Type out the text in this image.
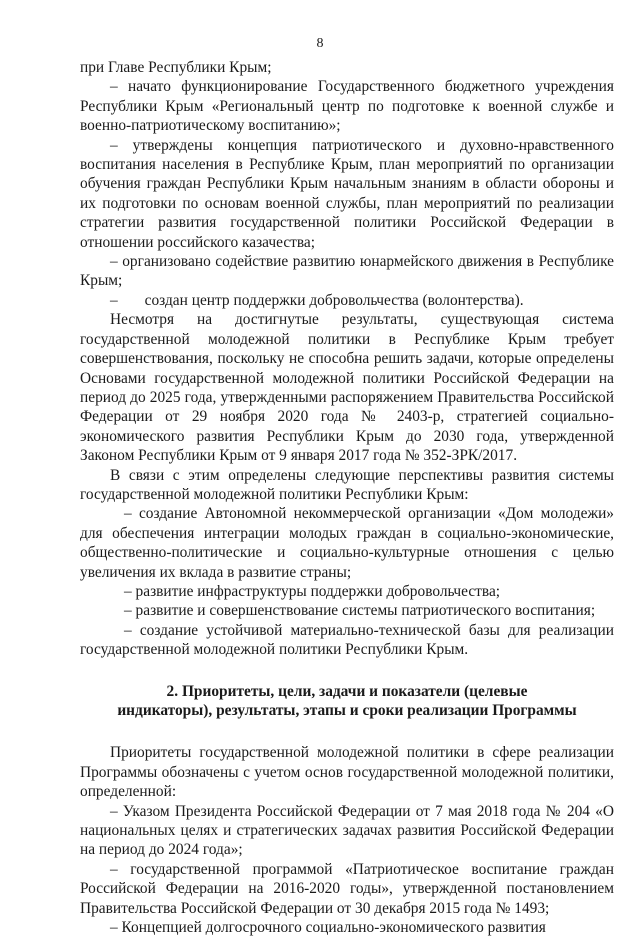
8

при Главе Республики Крым;

– начато функционирование Государственного бюджетного учреждения Республики Крым «Региональный центр по подготовке к военной службе и военно-патриотическому воспитанию»;

– утверждены концепция патриотического и духовно-нравственного воспитания населения в Республике Крым, план мероприятий по организации обучения граждан Республики Крым начальным знаниям в области обороны и их подготовки по основам военной службы, план мероприятий по реализации стратегии развития государственной политики Российской Федерации в отношении российского казачества;

– организовано содействие развитию юнармейского движения в Республике Крым;

–       создан центр поддержки добровольчества (волонтерства).

Несмотря на достигнутые результаты, существующая система государственной молодежной политики в Республике Крым требует совершенствования, поскольку не способна решить задачи, которые определены Основами государственной молодежной политики Российской Федерации на период до 2025 года, утвержденными распоряжением Правительства Российской Федерации от 29 ноября 2020 года № 2403-р, стратегией социально-экономического развития Республики Крым до 2030 года, утвержденной Законом Республики Крым от 9 января 2017 года № 352-ЗРК/2017.

В связи с этим определены следующие перспективы развития системы государственной молодежной политики Республики Крым:

– создание Автономной некоммерческой организации «Дом молодежи» для обеспечения интеграции молодых граждан в социально-экономические, общественно-политические и социально-культурные отношения с целью увеличения их вклада в развитие страны;

– развитие инфраструктуры поддержки добровольчества;

– развитие и совершенствование системы патриотического воспитания;

– создание устойчивой материально-технической базы для реализации государственной молодежной политики Республики Крым.

2. Приоритеты, цели, задачи и показатели (целевые
индикаторы), результаты, этапы и сроки реализации Программы

Приоритеты государственной молодежной политики в сфере реализации Программы обозначены с учетом основ государственной молодежной политики, определенной:

– Указом Президента Российской Федерации от 7 мая 2018 года № 204 «О национальных целях и стратегических задачах развития Российской Федерации на период до 2024 года»;

– государственной программой «Патриотическое воспитание граждан Российской Федерации на 2016-2020 годы», утвержденной постановлением Правительства Российской Федерации от 30 декабря 2015 года № 1493;

– Концепцией долгосрочного социально-экономического развития
